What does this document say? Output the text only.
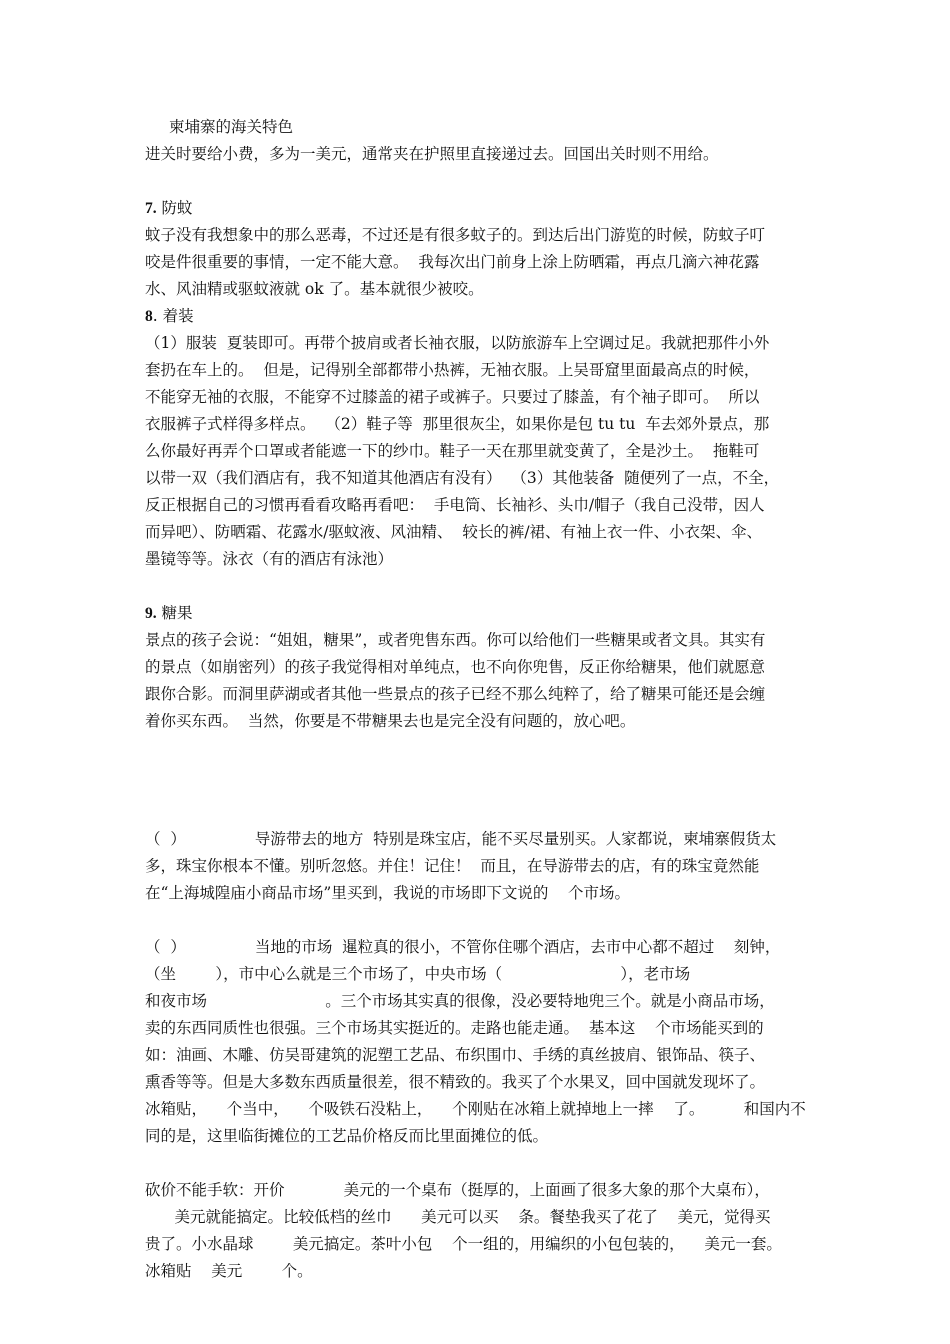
柬埔寨的海关特色
进关时要给小费，多为一美元，通常夹在护照里直接递过去。回国出关时则不用给。
7. 防蚊
蚊子没有我想象中的那么恶毒，不过还是有很多蚊子的。到达后出门游览的时候，防蚊子叮
咬是件很重要的事情，一定不能大意。  我每次出门前身上涂上防晒霜，再点几滴六神花露
水、风油精或驱蚊液就 ok 了。基本就很少被咬。
8. 着装
（1）服装  夏装即可。再带个披肩或者长袖衣服，以防旅游车上空调过足。我就把那件小外
套扔在车上的。  但是，记得别全部都带小热裤，无袖衣服。上吴哥窟里面最高点的时候，
不能穿无袖的衣服，不能穿不过膝盖的裙子或裤子。只要过了膝盖，有个袖子即可。  所以
衣服裤子式样得多样点。  （2）鞋子等  那里很灰尘，如果你是包 tu tu  车去郊外景点，那
么你最好再弄个口罩或者能遮一下的纱巾。鞋子一天在那里就变黄了，全是沙土。  拖鞋可
以带一双（我们酒店有，我不知道其他酒店有没有）  （3）其他装备  随便列了一点，不全，
反正根据自己的习惯再看看攻略再看吧：  手电筒、长袖衫、头巾/帽子（我自己没带，因人
而异吧）、防晒霜、花露水/驱蚊液、风油精、  较长的裤/裙、有袖上衣一件、小衣架、伞、
墨镜等等。泳衣（有的酒店有泳池）
9. 糖果
景点的孩子会说：“姐姐，糖果”，或者兜售东西。你可以给他们一些糖果或者文具。其实有
的景点（如崩密列）的孩子我觉得相对单纯点，也不向你兜售，反正你给糖果，他们就愿意
跟你合影。而洞里萨湖或者其他一些景点的孩子已经不那么纯粹了，给了糖果可能还是会缠
着你买东西。  当然，你要是不带糖果去也是完全没有问题的，放心吧。
（  ）              导游带去的地方  特别是珠宝店，能不买尽量别买。人家都说，柬埔寨假货太
多，珠宝你根本不懂。别听忽悠。并住！记住！  而且，在导游带去的店，有的珠宝竟然能
在“上海城隍庙小商品市场”里买到，我说的市场即下文说的    个市场。
（  ）              当地的市场  暹粒真的很小，不管你住哪个酒店，去市中心都不超过    刻钟，
（坐        ），市中心么就是三个市场了，中央市场（                        ），老市场
和夜市场                        。三个市场其实真的很像，没必要特地兜三个。就是小商品市场，
卖的东西同质性也很强。三个市场其实挺近的。走路也能走通。  基本这    个市场能买到的
如：油画、木雕、仿吴哥建筑的泥塑工艺品、布织围巾、手绣的真丝披肩、银饰品、筷子、
熏香等等。但是大多数东西质量很差，很不精致的。我买了个水果叉，回中国就发现坏了。
冰箱贴，    个当中，    个吸铁石没粘上，    个刚贴在冰箱上就掉地上一摔    了。        和国内不
同的是，这里临街摊位的工艺品价格反而比里面摊位的低。
砍价不能手软：开价            美元的一个桌布（挺厚的，上面画了很多大象的那个大桌布），
美元就能搞定。比较低档的丝巾      美元可以买    条。餐垫我买了花了    美元，觉得买
贵了。小水晶球        美元搞定。茶叶小包    个一组的，用编织的小包包装的，    美元一套。
冰箱贴    美元        个。
